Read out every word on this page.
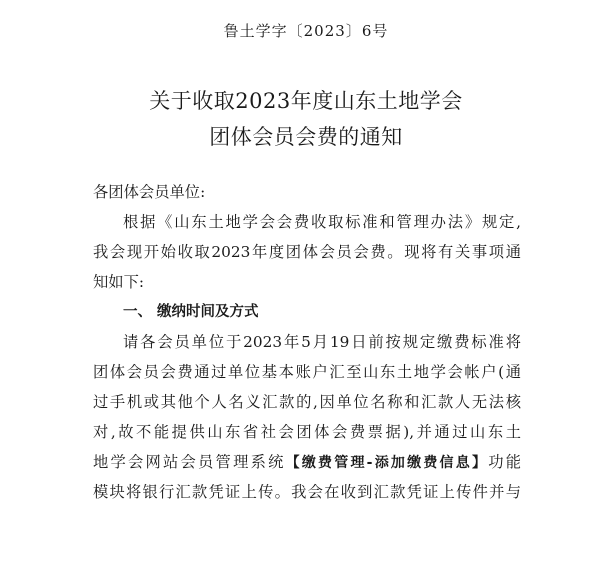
鲁土学字〔2023〕6号
关于收取2023年度山东土地学会
团体会员会费的通知
各团体会员单位:
根据《山东土地学会会费收取标准和管理办法》规定,
我会现开始收取2023年度团体会员会费。现将有关事项通
知如下:
一、 缴纳时间及方式
请各会员单位于2023年5月19日前按规定缴费标准将
团体会员会费通过单位基本账户汇至山东土地学会帐户(通
过手机或其他个人名义汇款的,因单位名称和汇款人无法核
对,故不能提供山东省社会团体会费票据),并通过山东土
地学会网站会员管理系统【缴费管理-添加缴费信息】功能
模块将银行汇款凭证上传。我会在收到汇款凭证上传件并与
